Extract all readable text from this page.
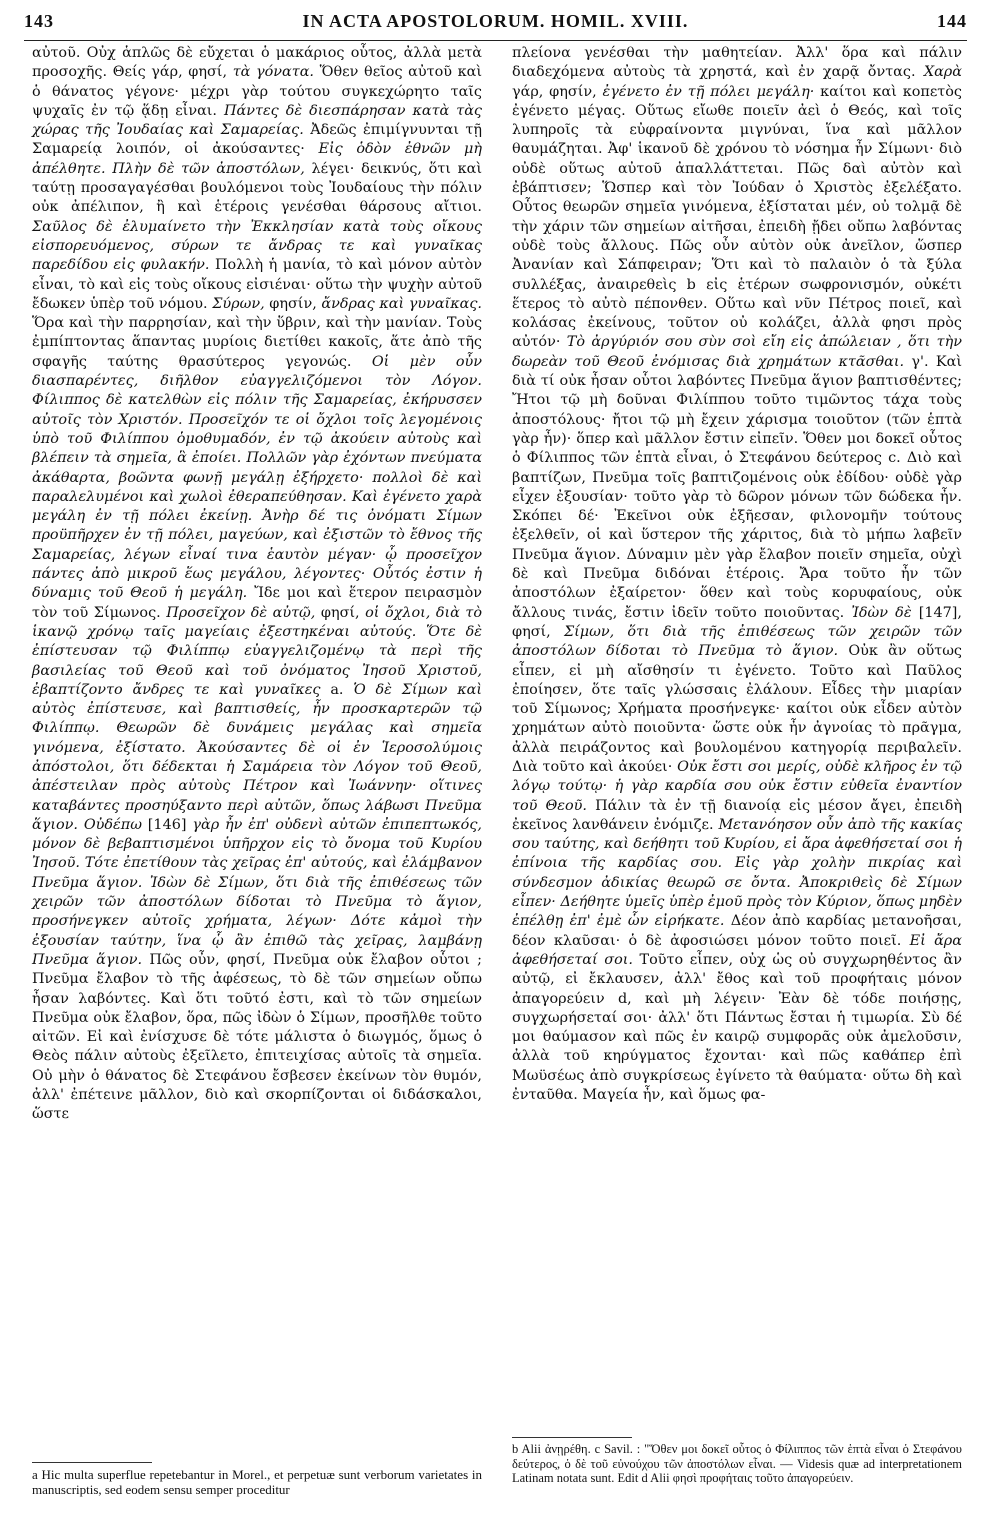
143	IN ACTA APOSTOLORUM. HOMIL. XVIII.	144

αὐτοῦ. Οὐχ ἁπλῶς δὲ εὔχεται ὁ μακάριος οὗτος, ἀλλὰ μετὰ προσοχῆς. Θείς γάρ, φησί, τὰ γόνατα. Ὅθεν θεῖος αὐτοῦ καὶ ὁ θάνατος γέγονε· μέχρι γὰρ τούτου συγκεχώρητο ταῖς ψυχαῖς ἐν τῷ ᾅδῃ εἶναι. Πάντες δὲ διεσπάρησαν κατὰ τὰς χώρας τῆς Ἰουδαίας καὶ Σαμαρείας. Ἀδεῶς ἐπιμίγνυνται τῇ Σαμαρείᾳ λοιπόν, οἱ ἀκούσαντες· Εἰς ὁδὸν ἐθνῶν μὴ ἀπέλθητε. Πλὴν δὲ τῶν ἀποστόλων, λέγει· δεικνύς, ὅτι καὶ ταύτῃ προσαγαγέσθαι βουλόμενοι τοὺς Ἰουδαίους τὴν πόλιν οὐκ ἀπέλιπον, ἢ καὶ ἑτέροις γενέσθαι θάρσους αἴτιοι. Σαῦλος δὲ ἐλυμαίνετο τὴν Ἐκκλησίαν κατὰ τοὺς οἴκους εἰσπορευόμενος, σύρων τε ἄνδρας τε καὶ γυναῖκας παρεδίδου εἰς φυλακήν. Πολλὴ ἡ μανία, τὸ καὶ μόνον αὐτὸν εἶναι, τὸ καὶ εἰς τοὺς οἴκους εἰσιέναι· οὕτω τὴν ψυχὴν αὐτοῦ ἔδωκεν ὑπὲρ τοῦ νόμου. Σύρων, φησίν, ἄνδρας καὶ γυναῖκας. Ὅρα καὶ τὴν παρρησίαν, καὶ τὴν ὕβριν, καὶ τὴν μανίαν. Τοὺς ἐμπίπτοντας ἅπαντας μυρίοις διετίθει κακοῖς, ἅτε ἀπὸ τῆς σφαγῆς ταύτης θρασύτερος γεγονώς. Οἱ μὲν οὖν διασπαρέντες, διῆλθον εὐαγγελιζόμενοι τὸν Λόγον. Φίλιππος δὲ κατελθὼν εἰς πόλιν τῆς Σαμαρείας, ἐκήρυσσεν αὐτοῖς τὸν Χριστόν. Προσεῖχόν τε οἱ ὄχλοι τοῖς λεγομένοις ὑπὸ τοῦ Φιλίππου ὁμοθυμαδόν, ἐν τῷ ἀκούειν αὐτοὺς καὶ βλέπειν τὰ σημεῖα, ἃ ἐποίει. Πολλῶν γὰρ ἐχόντων πνεύματα ἀκάθαρτα, βοῶντα φωνῇ μεγάλῃ ἐξήρχετο· πολλοὶ δὲ καὶ παραλελυμένοι καὶ χωλοὶ ἐθεραπεύθησαν. Καὶ ἐγένετο χαρὰ μεγάλη ἐν τῇ πόλει ἐκείνῃ. Ἀνὴρ δέ τις ὀνόματι Σίμων προϋπῆρχεν ἐν τῇ πόλει, μαγεύων, καὶ ἐξιστῶν τὸ ἔθνος τῆς Σαμαρείας, λέγων εἶναί τινα ἑαυτὸν μέγαν· ᾧ προσεῖχον πάντες ἀπὸ μικροῦ ἕως μεγάλου, λέγοντες· Οὗτός ἐστιν ἡ δύναμις τοῦ Θεοῦ ἡ μεγάλη. Ἴδε μοι καὶ ἕτερον πειρασμὸν τὸν τοῦ Σίμωνος. Προσεῖχον δὲ αὐτῷ, φησί, οἱ ὄχλοι, διὰ τὸ ἱκανῷ χρόνῳ ταῖς μαγείαις ἐξεστηκέναι αὐτούς. Ὅτε δὲ ἐπίστευσαν τῷ Φιλίππῳ εὐαγγελιζομένῳ τὰ περὶ τῆς βασιλείας τοῦ Θεοῦ καὶ τοῦ ὀνόματος Ἰησοῦ Χριστοῦ, ἐβαπτίζοντο ἄνδρες τε καὶ γυναῖκες a. Ὁ δὲ Σίμων καὶ αὐτὸς ἐπίστευσε, καὶ βαπτισθείς, ἦν προσκαρτερῶν τῷ Φιλίππῳ. Θεωρῶν δὲ δυνάμεις μεγάλας καὶ σημεῖα γινόμενα, ἐξίστατο. Ἀκούσαντες δὲ οἱ ἐν Ἱεροσολύμοις ἀπόστολοι, ὅτι δέδεκται ἡ Σαμάρεια τὸν Λόγον τοῦ Θεοῦ, ἀπέστειλαν πρὸς αὐτοὺς Πέτρον καὶ Ἰωάννην· οἵτινες καταβάντες προσηύξαντο περὶ αὐτῶν, ὅπως λάβωσι Πνεῦμα ἅγιον. Οὐδέπω [146] γὰρ ἦν ἐπ' οὐδενὶ αὐτῶν ἐπιπεπτωκός, μόνον δὲ βεβαπτισμένοι ὑπῆρχον εἰς τὸ ὄνομα τοῦ Κυρίου Ἰησοῦ. Τότε ἐπετίθουν τὰς χεῖρας ἐπ' αὐτούς, καὶ ἐλάμβανον Πνεῦμα ἅγιον. Ἰδὼν δὲ Σίμων, ὅτι διὰ τῆς ἐπιθέσεως τῶν χειρῶν τῶν ἀποστόλων δίδοται τὸ Πνεῦμα τὸ ἅγιον, προσήνεγκεν αὐτοῖς χρήματα, λέγων· Δότε κἀμοὶ τὴν ἐξουσίαν ταύτην, ἵνα ᾧ ἂν ἐπιθῶ τὰς χεῖρας, λαμβάνῃ Πνεῦμα ἅγιον. Πῶς οὖν, φησί, Πνεῦμα οὐκ ἔλαβον οὗτοι ; Πνεῦμα ἔλαβον τὸ τῆς ἀφέσεως, τὸ δὲ τῶν σημείων οὔπω ἦσαν λαβόντες. Καὶ ὅτι τοῦτό ἐστι, καὶ τὸ τῶν σημείων Πνεῦμα οὐκ ἔλαβον, ὅρα, πῶς ἰδὼν ὁ Σίμων, προσῆλθε τοῦτο αἰτῶν. Εἰ καὶ ἐνίσχυσε δὲ τότε μάλιστα ὁ διωγμός, ὅμως ὁ Θεὸς πάλιν αὐτοὺς ἐξεῖλετο, ἐπιτειχίσας αὐτοῖς τὰ σημεῖα. Οὐ μὴν ὁ θάνατος δὲ Στεφάνου ἔσβεσεν ἐκείνων τὸν θυμόν, ἀλλ' ἐπέτεινε μᾶλλον, διὸ καὶ σκορπίζονται οἱ διδάσκαλοι, ὥστε

πλείονα γενέσθαι τὴν μαθητείαν. Ἀλλ' ὅρα καὶ πάλιν διαδεχόμενα αὐτοὺς τὰ χρηστά, καὶ ἐν χαρᾷ ὄντας. Χαρὰ γάρ, φησίν, ἐγένετο ἐν τῇ πόλει μεγάλη· καίτοι καὶ κοπετὸς ἐγένετο μέγας. Οὕτως εἴωθε ποιεῖν ἀεὶ ὁ Θεός, καὶ τοῖς λυπηροῖς τὰ εὐφραίνοντα μιγνύναι, ἵνα καὶ μᾶλλον θαυμάζηται. Ἀφ' ἱκανοῦ δὲ χρόνου τὸ νόσημα ἦν Σίμωνι· διὸ οὐδὲ οὕτως αὐτοῦ ἀπαλλάττεται. Πῶς δαὶ αὐτὸν καὶ ἐβάπτισεν; Ὥσπερ καὶ τὸν Ἰούδαν ὁ Χριστὸς ἐξελέξατο. Οὗτος θεωρῶν σημεῖα γινόμενα, ἐξίσταται μέν, οὐ τολμᾷ δὲ τὴν χάριν τῶν σημείων αἰτῆσαι, ἐπειδὴ ᾔδει οὔπω λαβόντας οὐδὲ τοὺς ἄλλους. Πῶς οὖν αὐτὸν οὐκ ἀνεῖλον, ὥσπερ Ἀνανίαν καὶ Σάπφειραν; Ὅτι καὶ τὸ παλαιὸν ὁ τὰ ξύλα συλλέξας, ἀναιρεθεὶς b εἰς ἑτέρων σωφρονισμόν, οὐκέτι ἕτερος τὸ αὐτὸ πέπονθεν. Οὕτω καὶ νῦν Πέτρος ποιεῖ, καὶ κολάσας ἐκείνους, τοῦτον οὐ κολάζει, ἀλλὰ φησι πρὸς αὐτόν· Τὸ ἀργύριόν σου σὺν σοὶ εἴη εἰς ἀπώλειαν , ὅτι τὴν δωρεὰν τοῦ Θεοῦ ἐνόμισας διὰ χρημάτων κτᾶσθαι. γ'. Καὶ διὰ τί οὐκ ἦσαν οὗτοι λαβόντες Πνεῦμα ἅγιον βαπτισθέντες; Ἤτοι τῷ μὴ δοῦναι Φιλίππου τοῦτο τιμῶντος τάχα τοὺς ἀποστόλους· ἤτοι τῷ μὴ ἔχειν χάρισμα τοιοῦτον (τῶν ἑπτὰ γὰρ ἦν)· ὅπερ καὶ μᾶλλον ἔστιν εἰπεῖν. Ὅθεν μοι δοκεῖ οὗτος ὁ Φίλιππος τῶν ἑπτὰ εἶναι, ὁ Στεφάνου δεύτερος c. Διὸ καὶ βαπτίζων, Πνεῦμα τοῖς βαπτιζομένοις οὐκ ἐδίδου· οὐδὲ γὰρ εἶχεν ἐξουσίαν· τοῦτο γὰρ τὸ δῶρον μόνων τῶν δώδεκα ἦν. Σκόπει δέ· Ἐκεῖνοι οὐκ ἐξῆεσαν, φιλονομῆν τούτους ἐξελθεῖν, οἱ καὶ ὕστερον τῆς χάριτος, διὰ τὸ μήπω λαβεῖν Πνεῦμα ἅγιον. Δύναμιν μὲν γὰρ ἔλαβον ποιεῖν σημεῖα, οὐχὶ δὲ καὶ Πνεῦμα διδόναι ἑτέροις. Ἄρα τοῦτο ἦν τῶν ἀποστόλων ἐξαίρετον· ὅθεν καὶ τοὺς κορυφαίους, οὐκ ἄλλους τινάς, ἔστιν ἰδεῖν τοῦτο ποιοῦντας. Ἰδὼν δὲ [147], φησί, Σίμων, ὅτι διὰ τῆς ἐπιθέσεως τῶν χειρῶν τῶν ἀποστόλων δίδοται τὸ Πνεῦμα τὸ ἅγιον. Οὐκ ἂν οὕτως εἶπεν, εἰ μὴ αἴσθησίν τι ἐγένετο. Τοῦτο καὶ Παῦλος ἐποίησεν, ὅτε ταῖς γλώσσαις ἐλάλουν. Εἶδες τὴν μιαρίαν τοῦ Σίμωνος; Χρήματα προσήνεγκε· καίτοι οὐκ εἶδεν αὐτὸν χρημάτων αὐτὸ ποιοῦντα· ὥστε οὐκ ἦν ἀγνοίας τὸ πρᾶγμα, ἀλλὰ πειράζοντος καὶ βουλομένου κατηγορίᾳ περιβαλεῖν. Διὰ τοῦτο καὶ ἀκούει· Οὐκ ἔστι σοι μερίς, οὐδὲ κλῆρος ἐν τῷ λόγῳ τούτῳ· ἡ γὰρ καρδία σου οὐκ ἔστιν εὐθεῖα ἐναντίον τοῦ Θεοῦ. Πάλιν τὰ ἐν τῇ διανοίᾳ εἰς μέσον ἄγει, ἐπειδὴ ἐκεῖνος λανθάνειν ἐνόμιζε. Μετανόησον οὖν ἀπὸ τῆς κακίας σου ταύτης, καὶ δεήθητι τοῦ Κυρίου, εἰ ἄρα ἀφεθήσεταί σοι ἡ ἐπίνοια τῆς καρδίας σου. Εἰς γὰρ χολὴν πικρίας καὶ σύνδεσμον ἀδικίας θεωρῶ σε ὄντα. Ἀποκριθεὶς δὲ Σίμων εἶπεν· Δεήθητε ὑμεῖς ὑπὲρ ἐμοῦ πρὸς τὸν Κύριον, ὅπως μηδὲν ἐπέλθῃ ἐπ' ἐμὲ ὧν εἰρήκατε. Δέον ἀπὸ καρδίας μετανοῆσαι, δέον κλαῦσαι· ὁ δὲ ἀφοσιώσει μόνον τοῦτο ποιεῖ. Εἰ ἄρα ἀφεθήσεταί σοι. Τοῦτο εἶπεν, οὐχ ὡς οὐ συγχωρηθέντος ἂν αὐτῷ, εἰ ἔκλαυσεν, ἀλλ' ἔθος καὶ τοῦ προφήταις μόνον ἀπαγορεύειν d, καὶ μὴ λέγειν· Ἐὰν δὲ τόδε ποιήσῃς, συγχωρήσεταί σοι· ἀλλ' ὅτι Πάντως ἔσται ἡ τιμωρία. Σὺ δέ μοι θαύμασον καὶ πῶς ἐν καιρῷ συμφορᾶς οὐκ ἀμελοῦσιν, ἀλλὰ τοῦ κηρύγματος ἔχονται· καὶ πῶς καθάπερ ἐπὶ Μωϋσέως ἀπὸ συγκρίσεως ἐγίνετο τὰ θαύματα· οὕτω δὴ καὶ ἐνταῦθα. Μαγεία ἦν, καὶ ὅμως φα-

a Hic multa superflue repetebantur in Morel., et perpetuæ sunt verborum varietates in manuscriptis, sed eodem sensu semper proceditur
b Alii ἀνῃρέθη. c Savil. : "Ὅθεν μοι δοκεῖ οὗτος ὁ Φίλιππος τῶν ἑπτὰ εἶναι ὁ Στεφάνου δεύτερος, ὁ δὲ τοῦ εὐνούχου τῶν ἀποστόλων εἶναι. — Videsis quæ ad interpretationem Latinam notata sunt. Edit d Alii φησὶ προφήταις τοῦτο ἀπαγορεύειν.
